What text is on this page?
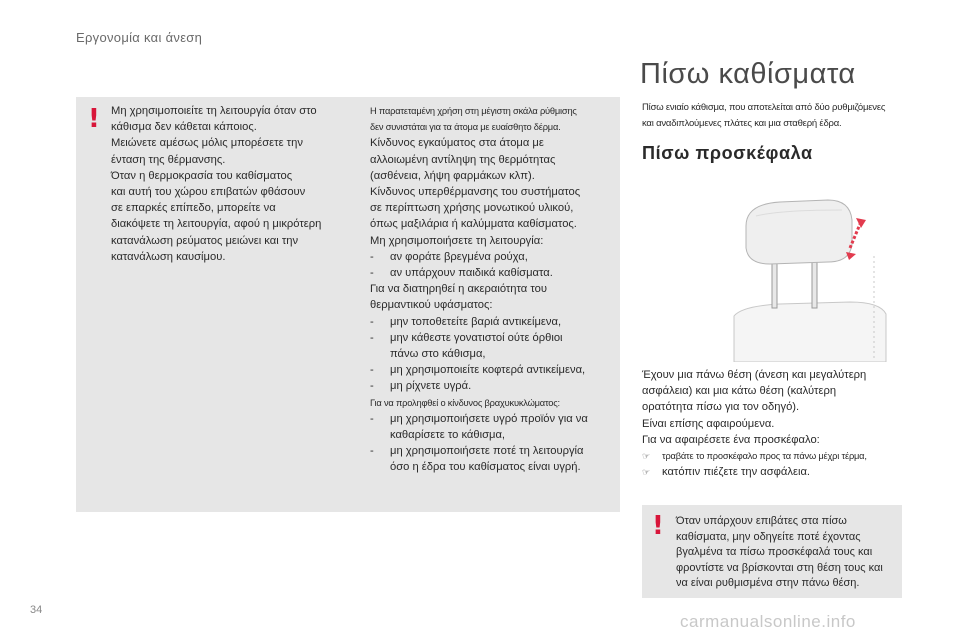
Εργονομία και άνεση
! Μη χρησιμοποιείτε τη λειτουργία όταν στο
κάθισμα δεν κάθεται κάποιος.
Μειώνετε αμέσως μόλις μπορέσετε την
ένταση της θέρμανσης.
Όταν η θερμοκρασία του καθίσματος
και αυτή του χώρου επιβατών φθάσουν
σε επαρκές επίπεδο, μπορείτε να
διακόψετε τη λειτουργία, αφού η μικρότερη
κατανάλωση ρεύματος μειώνει και την
κατανάλωση καυσίμου.
Η παρατεταμένη χρήση στη μέγιστη σκάλα ρύθμισης
δεν συνιστάται για τα άτομα με ευαίσθητο δέρμα.
Κίνδυνος εγκαύματος στα άτομα με
αλλοιωμένη αντίληψη της θερμότητας
(ασθένεια, λήψη φαρμάκων κλπ).
Κίνδυνος υπερθέρμανσης του συστήματος
σε περίπτωση χρήσης μονωτικού υλικού,
όπως μαξιλάρια ή καλύμματα καθίσματος.
Μη χρησιμοποιήσετε τη λειτουργία:
-	αν φοράτε βρεγμένα ρούχα,
-	αν υπάρχουν παιδικά καθίσματα.
Για να διατηρηθεί η ακεραιότητα του
θερμαντικού υφάσματος:
-	μην τοποθετείτε βαριά αντικείμενα,
-	μην κάθεστε γονατιστοί ούτε όρθιοι πάνω στο κάθισμα,
-	μη χρησιμοποιείτε κοφτερά αντικείμενα,
-	μη ρίχνετε υγρά.
Για να προληφθεί ο κίνδυνος βραχυκυκλώματος:
-	μη χρησιμοποιήσετε υγρό προϊόν για να καθαρίσετε το κάθισμα,
-	μη χρησιμοποιήσετε ποτέ τη λειτουργία όσο η έδρα του καθίσματος είναι υγρή.
Πίσω καθίσματα
Πίσω ενιαίο κάθισμα, που αποτελείται από δύο ρυθμιζόμενες
και αναδιπλούμενες πλάτες και μια σταθερή έδρα.
Πίσω προσκέφαλα
Έχουν μια πάνω θέση (άνεση και μεγαλύτερη
ασφάλεια) και μια κάτω θέση (καλύτερη
ορατότητα πίσω για τον οδηγό).
Είναι επίσης αφαιρούμενα.
Για να αφαιρέσετε ένα προσκέφαλο:
☞	τραβάτε το προσκέφαλο προς τα πάνω μέχρι τέρμα,
☞	κατόπιν πιέζετε την ασφάλεια.
! Όταν υπάρχουν επιβάτες στα πίσω
καθίσματα, μην οδηγείτε ποτέ έχοντας
βγαλμένα τα πίσω προσκέφαλά τους και
φροντίστε να βρίσκονται στη θέση τους και
να είναι ρυθμισμένα στην πάνω θέση.
34
carmanualsonline.info
